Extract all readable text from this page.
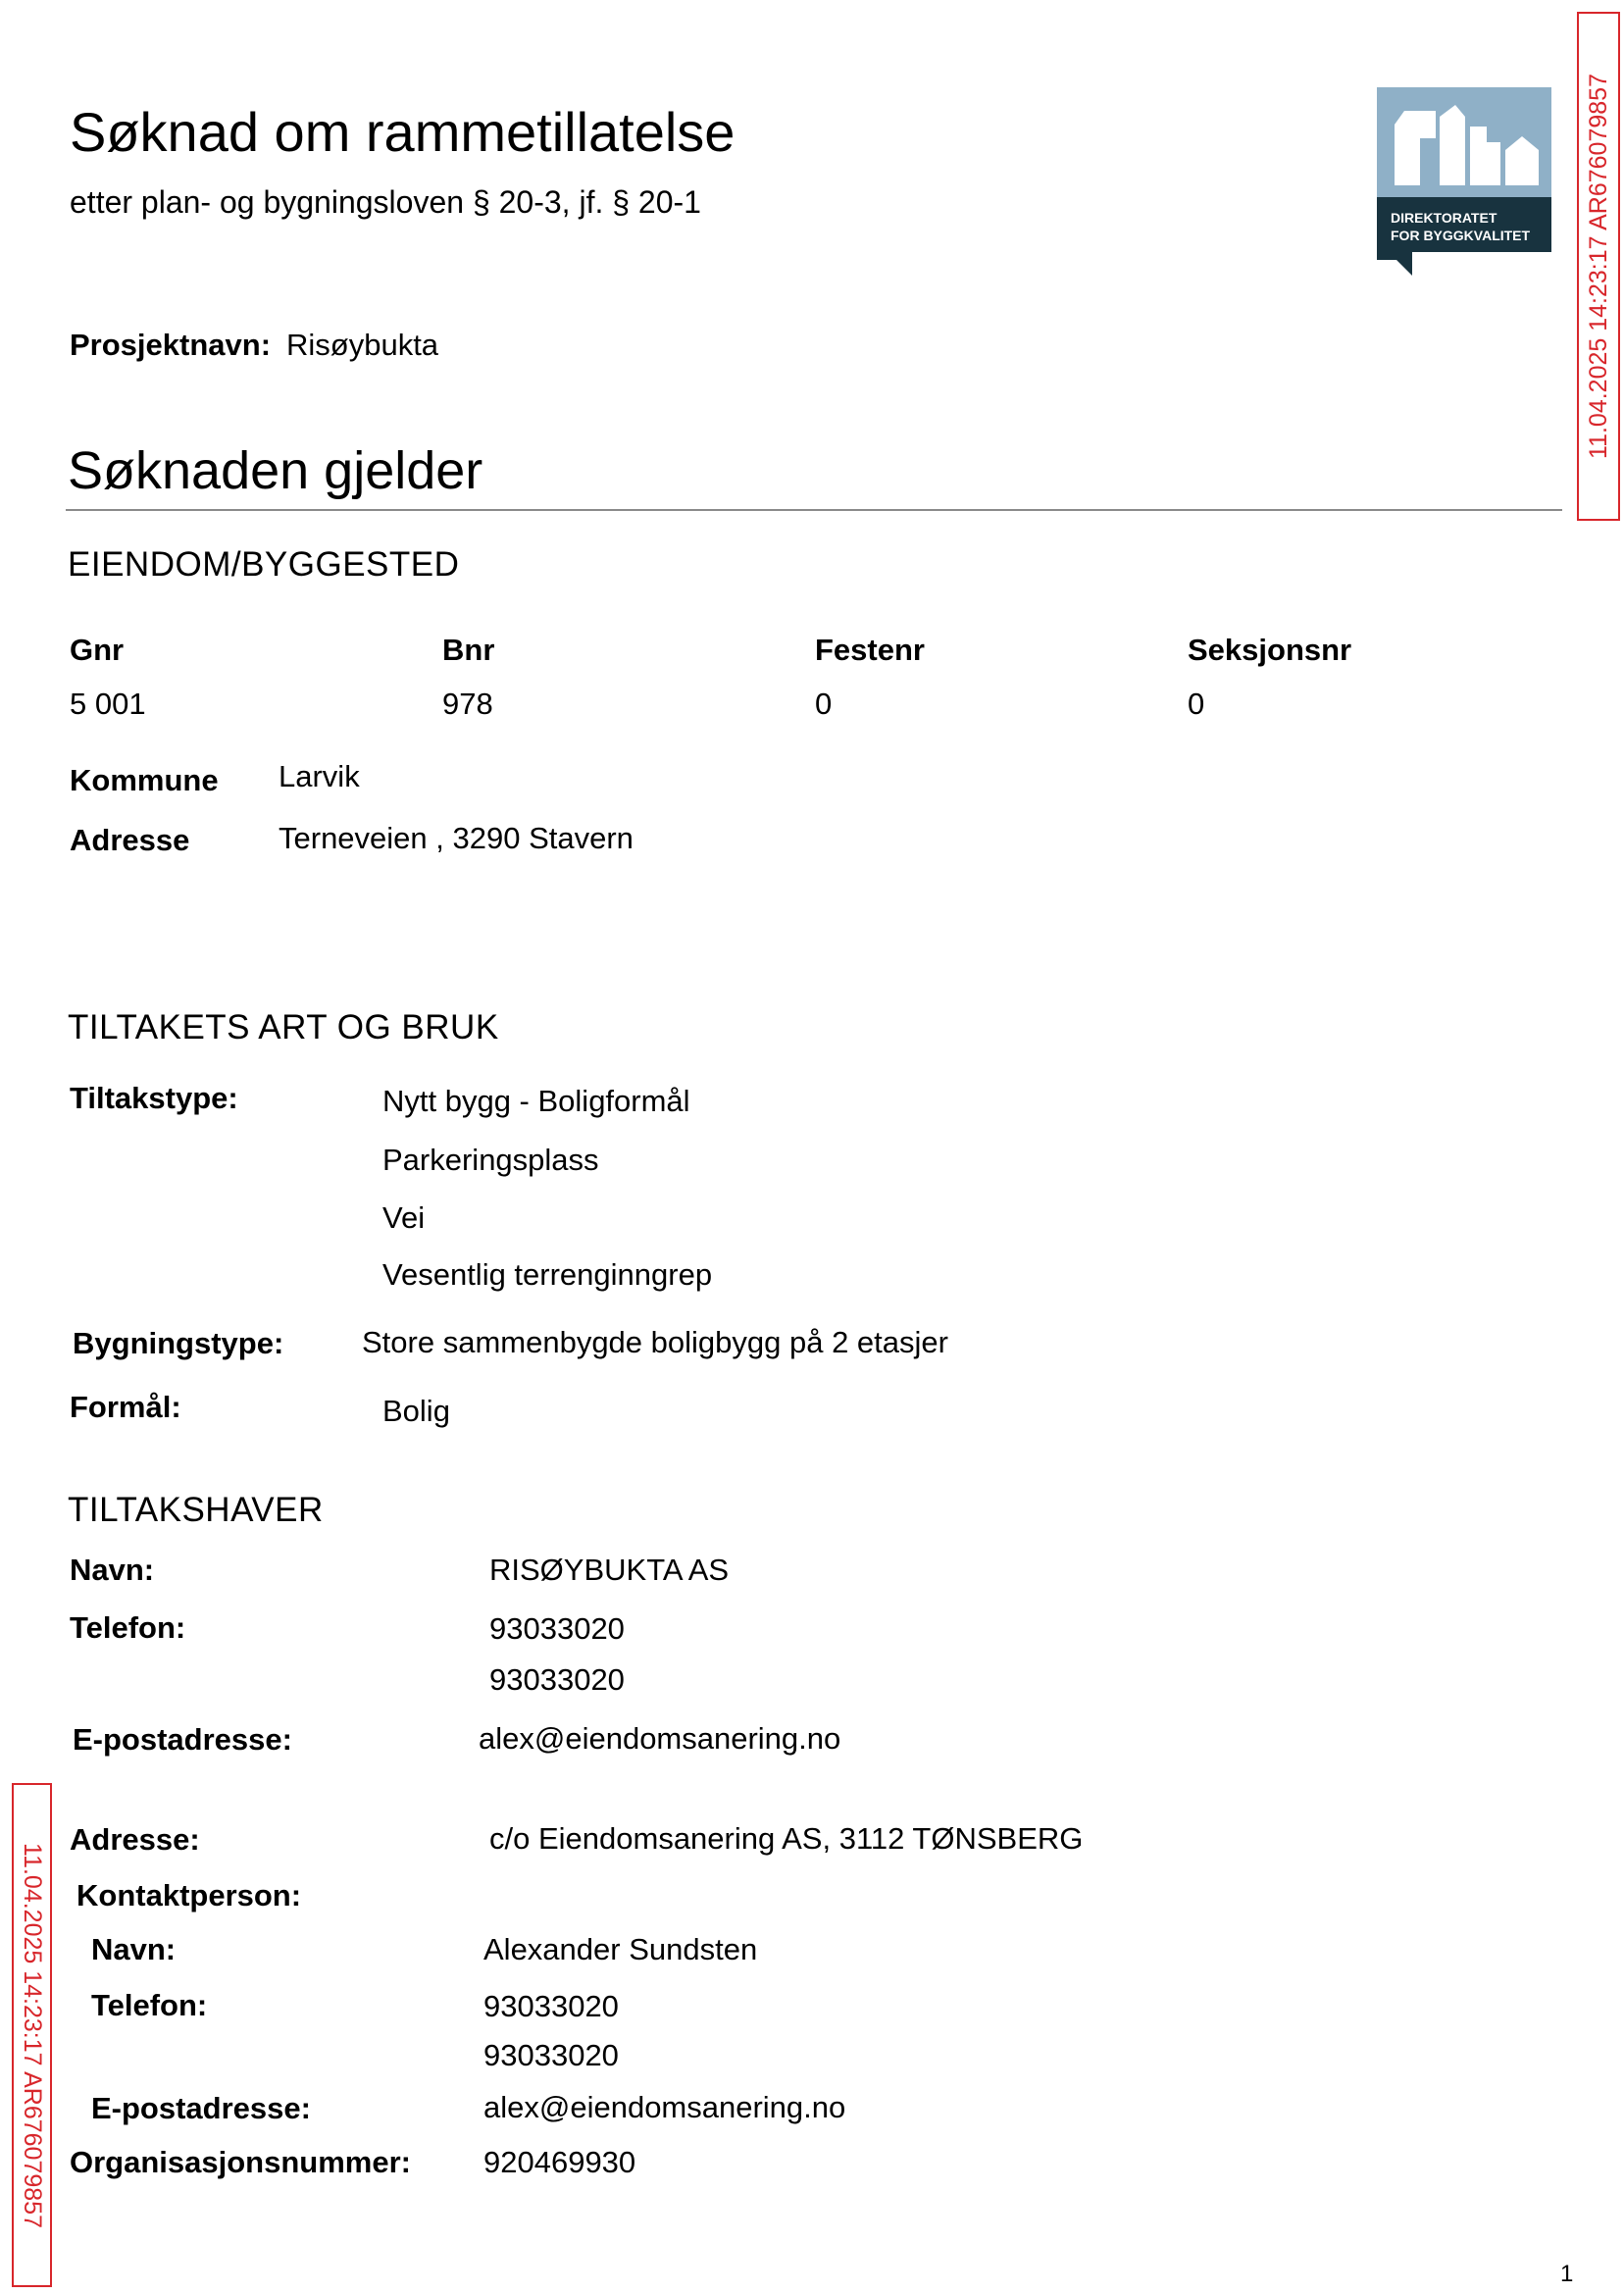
Søknad om rammetillatelse
etter plan- og bygningsloven § 20-3, jf. § 20-1	DIREKTORATET
FOR BYGGKVALITET 11.04.2025 14:23:17 AR676079857
11.04.2025 14:23:17 AR676079857
Prosjektnavn: Risøybukta
Søknaden gjelder
EIENDOM/BYGGESTED
Gnr	Bnr	Festenr	Seksjonsnr
5 001	978	0	0
Kommune Larvik
Adresse	Terneveien , 3290 Stavern
TILTAKETS ART OG BRUK
Tiltakstype:	Nytt bygg - Boligformål
Parkeringsplass
Vei
Vesentlig terrenginngrep
Bygningstype:	Store sammenbygde boligbygg på 2 etasjer
Formål:	Bolig
TILTAKSHAVER
Navn:	RISØYBUKTA AS
Telefon:	93033020
93033020
E-postadresse:	alex@eiendomsanering.no
Adresse:	c/o Eiendomsanering AS, 3112 TØNSBERG
Kontaktperson:
Navn:	Alexander Sundsten
Telefon:	93033020
93033020
E-postadresse:	alex@eiendomsanering.no
Organisasjonsnummer: 920469930
1
